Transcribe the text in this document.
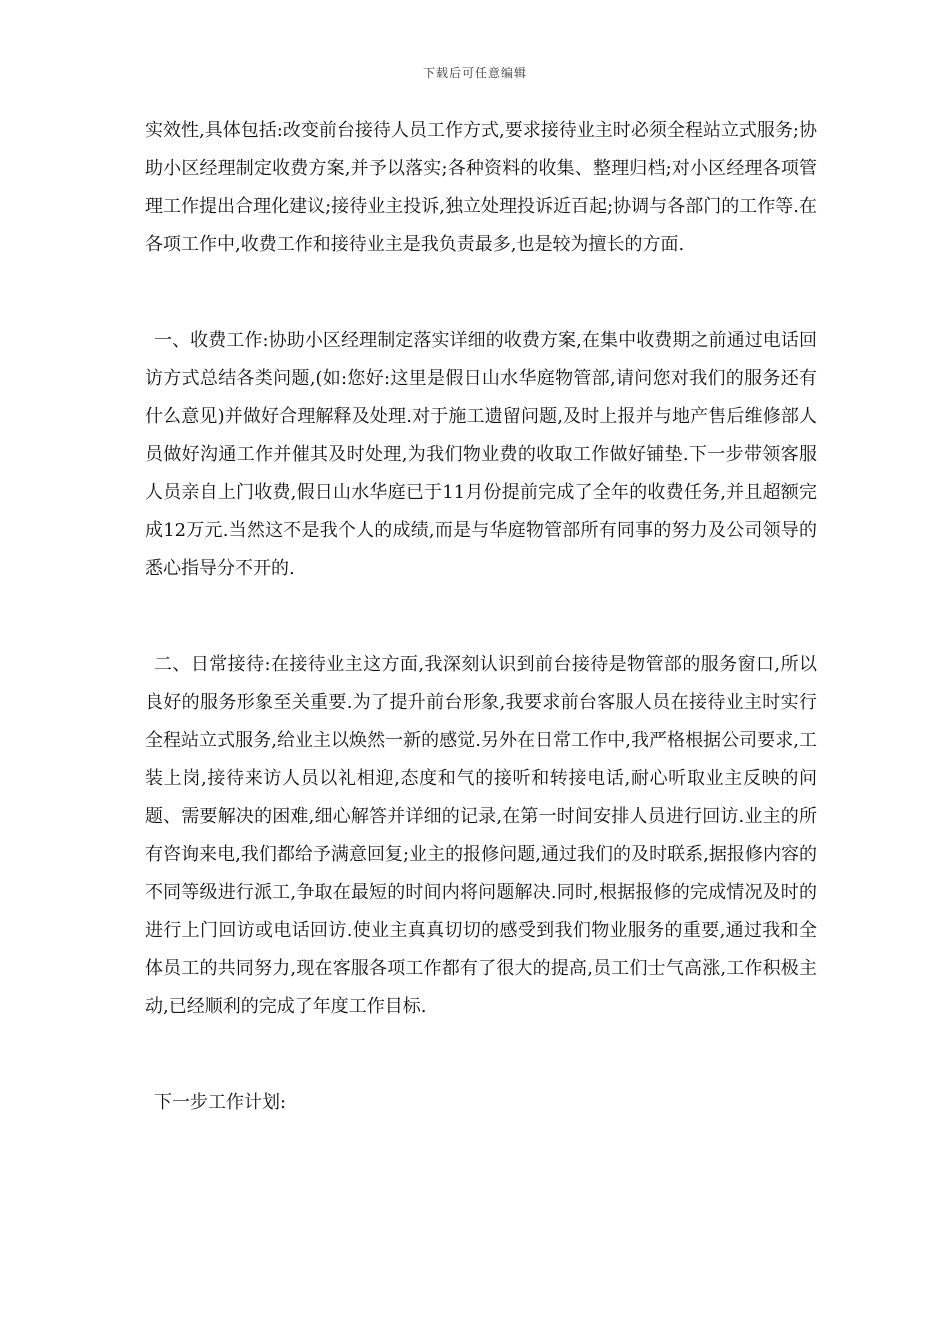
下载后可任意编辑

实效性,具体包括:改变前台接待人员工作方式,要求接待业主时必须全程站立式服务;协助小区经理制定收费方案,并予以落实;各种资料的收集、整理归档;对小区经理各项管理工作提出合理化建议;接待业主投诉,独立处理投诉近百起;协调与各部门的工作等.在各项工作中,收费工作和接待业主是我负责最多,也是较为擅长的方面.

一、收费工作:协助小区经理制定落实详细的收费方案,在集中收费期之前通过电话回访方式总结各类问题,(如:您好:这里是假日山水华庭物管部,请问您对我们的服务还有什么意见)并做好合理解释及处理.对于施工遗留问题,及时上报并与地产售后维修部人员做好沟通工作并催其及时处理,为我们物业费的收取工作做好铺垫.下一步带领客服人员亲自上门收费,假日山水华庭已于11月份提前完成了全年的收费任务,并且超额完成12万元.当然这不是我个人的成绩,而是与华庭物管部所有同事的努力及公司领导的悉心指导分不开的.

二、日常接待:在接待业主这方面,我深刻认识到前台接待是物管部的服务窗口,所以良好的服务形象至关重要.为了提升前台形象,我要求前台客服人员在接待业主时实行全程站立式服务,给业主以焕然一新的感觉.另外在日常工作中,我严格根据公司要求,工装上岗,接待来访人员以礼相迎,态度和气的接听和转接电话,耐心听取业主反映的问题、需要解决的困难,细心解答并详细的记录,在第一时间安排人员进行回访.业主的所有咨询来电,我们都给予满意回复;业主的报修问题,通过我们的及时联系,据报修内容的不同等级进行派工,争取在最短的时间内将问题解决.同时,根据报修的完成情况及时的进行上门回访或电话回访.使业主真真切切的感受到我们物业服务的重要,通过我和全体员工的共同努力,现在客服各项工作都有了很大的提高,员工们士气高涨,工作积极主动,已经顺利的完成了年度工作目标.

下一步工作计划:
